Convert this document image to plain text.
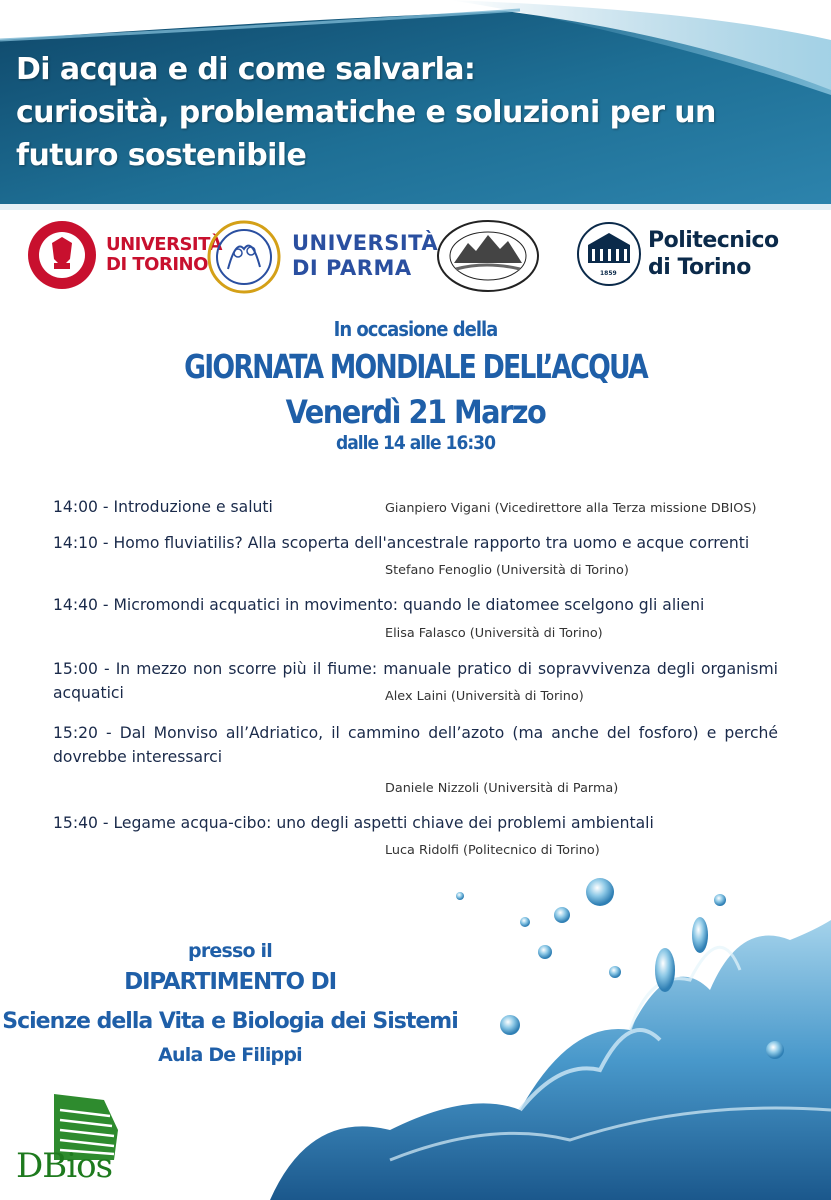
Di acqua e di come salvarla:
curiosità, problematiche e soluzioni per un
futuro sostenibile
UNIVERSITÀ
DI TORINO
UNIVERSITÀ
DI PARMA	1859
Politecnico
di Torino
In occasione della
GIORNATA MONDIALE DELL’ACQUA
Venerdì 21 Marzo
dalle 14 alle 16:30
14:00 - Introduzione e saluti	Gianpiero Vigani (Vicedirettore alla Terza missione DBIOS)
14:10 - Homo fluviatilis? Alla scoperta dell'ancestrale rapporto tra uomo e acque correnti
Stefano Fenoglio (Università di Torino)
14:40 - Micromondi acquatici in movimento: quando le diatomee scelgono gli alieni
Elisa Falasco (Università di Torino)
15:00 - In mezzo non scorre più il fiume: manuale pratico di sopravvivenza degli organismi acquatici	Alex Laini (Università di Torino)
15:20 - Dal Monviso all’Adriatico, il cammino dell’azoto (ma anche del fosforo) e perché dovrebbe interessarci
Daniele Nizzoli (Università di Parma)
15:40 - Legame acqua-cibo: uno degli aspetti chiave dei problemi ambientali
Luca Ridolfi (Politecnico di Torino)
presso il
DIPARTIMENTO DI
Scienze della Vita e Biologia dei Sistemi
Aula De Filippi
DBios
